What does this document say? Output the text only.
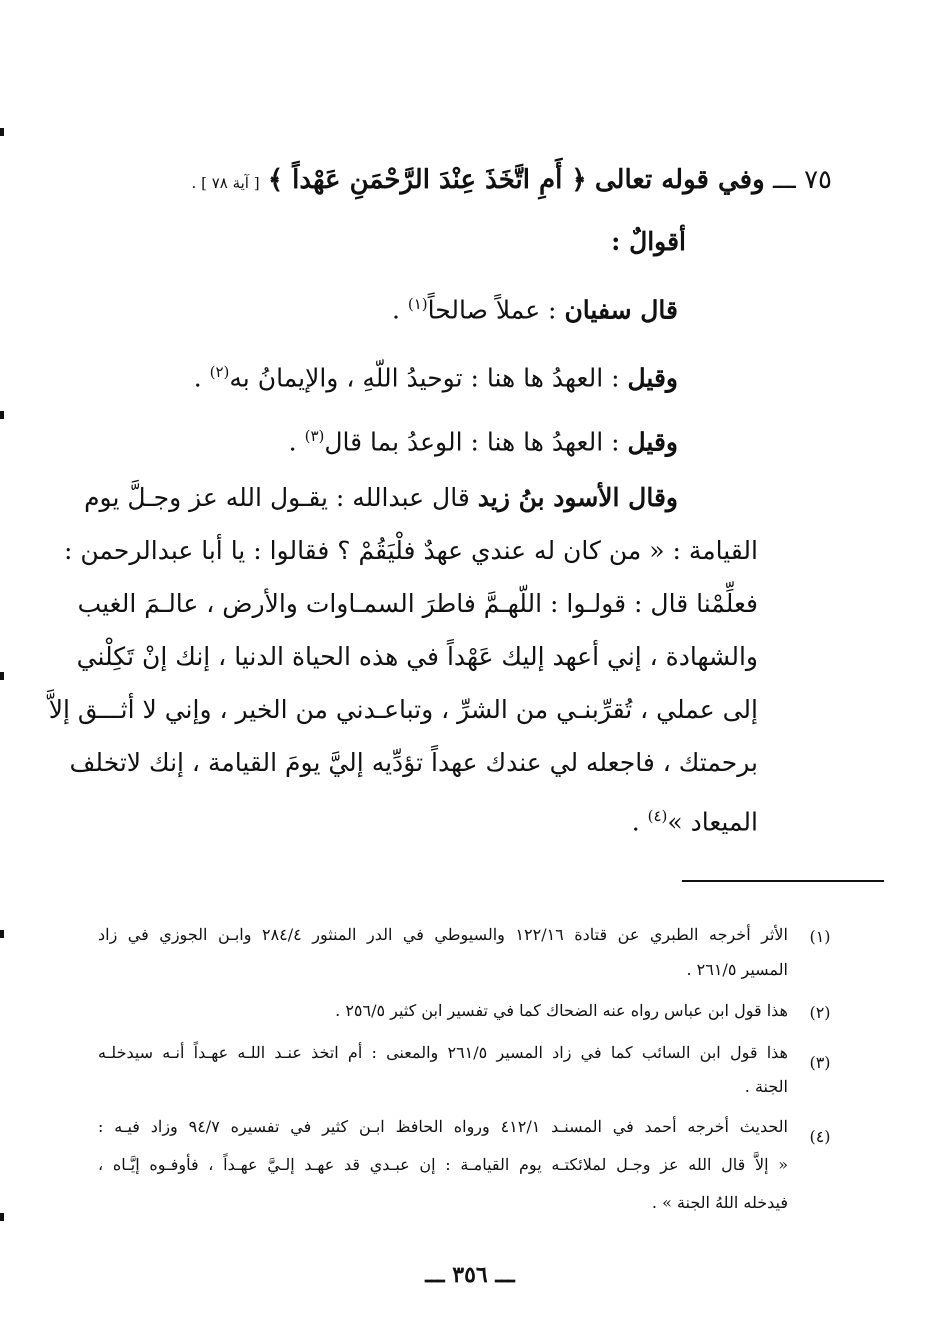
٧٥ ـــ وفي قوله تعالى ﴿ أَمِ اتَّخَذَ عِنْدَ الرَّحْمَنِ عَهْداً ﴾ [ آية ٧٨ ] .
أقوالٌ :
قال سفيان : عملاً صالحاً$^{(١)}$ .
وقيل : العهدُ ها هنا : توحيدُ اللّهِ ، والإيمانُ به$^{(٢)}$ .
وقيل : العهدُ ها هنا : الوعدُ بما قال$^{(٣)}$ .
وقال الأسود بنُ زيد قال عبدالله : يقـول الله عز وجـلَّ يوم
القيامة : « من كان له عندي عهدٌ فلْيَقُمْ ؟ فقالوا : يا أبا عبدالرحمن :
فعلِّمْنا قال : قولـوا : اللّهـمَّ فاطرَ السمـاوات والأرض ، عالـمَ الغيب
والشهادة ، إني أعهد إليك عَهْداً في هذه الحياة الدنيا ، إنك إنْ تَكِلْني
إلى عملي ، تُقرِّبنـي من الشرِّ ، وتباعـدني من الخير ، وإني لا أثـــق إلاَّ
برحمتك ، فاجعله لي عندك عهداً تؤدِّيه إليَّ يومَ القيامة ، إنك لاتخلف
الميعاد »$^{(٤)}$ .
(١)
الأثر أخرجه الطبري عن قتادة ١٢٢/١٦ والسيوطي في الدر المنثور ٢٨٤/٤ وابـن الجوزي في زاد
المسير ٢٦١/٥ .
(٢)
هذا قول ابن عباس رواه عنه الضحاك كما في تفسير ابن كثير ٢٥٦/٥ .
(٣)
هذا قول ابن السائب كما في زاد المسير ٢٦١/٥ والمعنى : أم اتخذ عنـد اللـه عهـداً أنـه سيدخلـه
الجنة .
(٤)
الحديث أخرجه أحمد في المسنـد ٤١٢/١ ورواه الحافظ ابـن كثير في تفسيره ٩٤/٧ وزاد فيـه :
« إلاَّ قال الله عز وجـل لملائكتـه يوم القيامـة : إن عبـدي قد عهـد إلـيَّ عهـداً ، فأوفـوه إيَّـاه ،
فيدخله اللهُ الجنة » .
ـــ ٣٥٦ ـــ
